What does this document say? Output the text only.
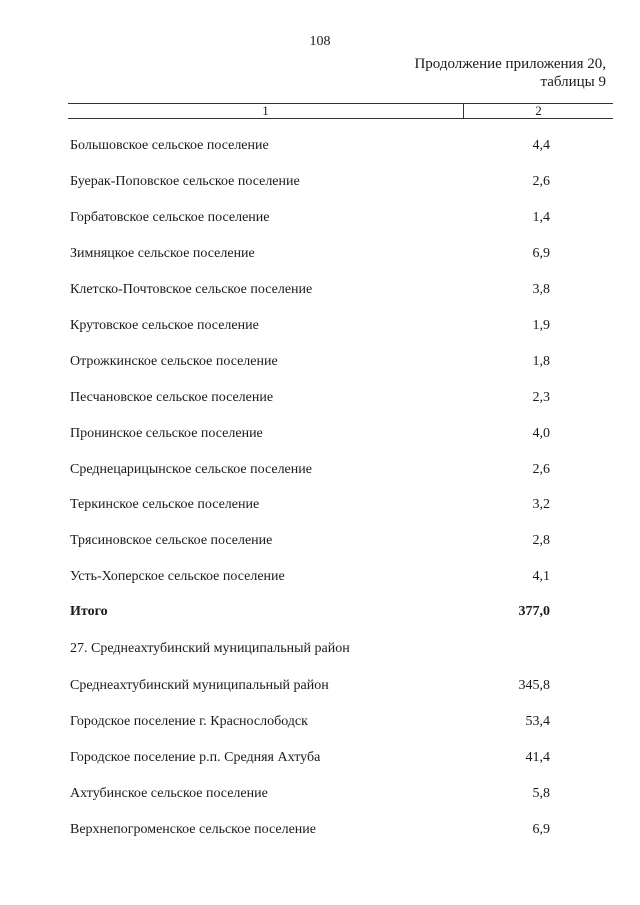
108
Продолжение приложения 20,
таблицы 9
1	2
Большовское сельское поселение	4,4
Буерак-Поповское сельское поселение	2,6
Горбатовское сельское поселение	1,4
Зимняцкое сельское поселение	6,9
Клетско-Почтовское сельское поселение	3,8
Крутовское сельское поселение	1,9
Отрожкинское сельское поселение	1,8
Песчановское сельское поселение	2,3
Пронинское сельское поселение	4,0
Среднецарицынское сельское поселение	2,6
Теркинское сельское поселение	3,2
Трясиновское сельское поселение	2,8
Усть-Хоперское сельское поселение	4,1
Итого	377,0
27. Среднеахтубинский муниципальный район
Среднеахтубинский муниципальный район	345,8
Городское поселение г. Краснослободск	53,4
Городское поселение р.п. Средняя Ахтуба	41,4
Ахтубинское сельское поселение	5,8
Верхнепогроменское сельское поселение	6,9
